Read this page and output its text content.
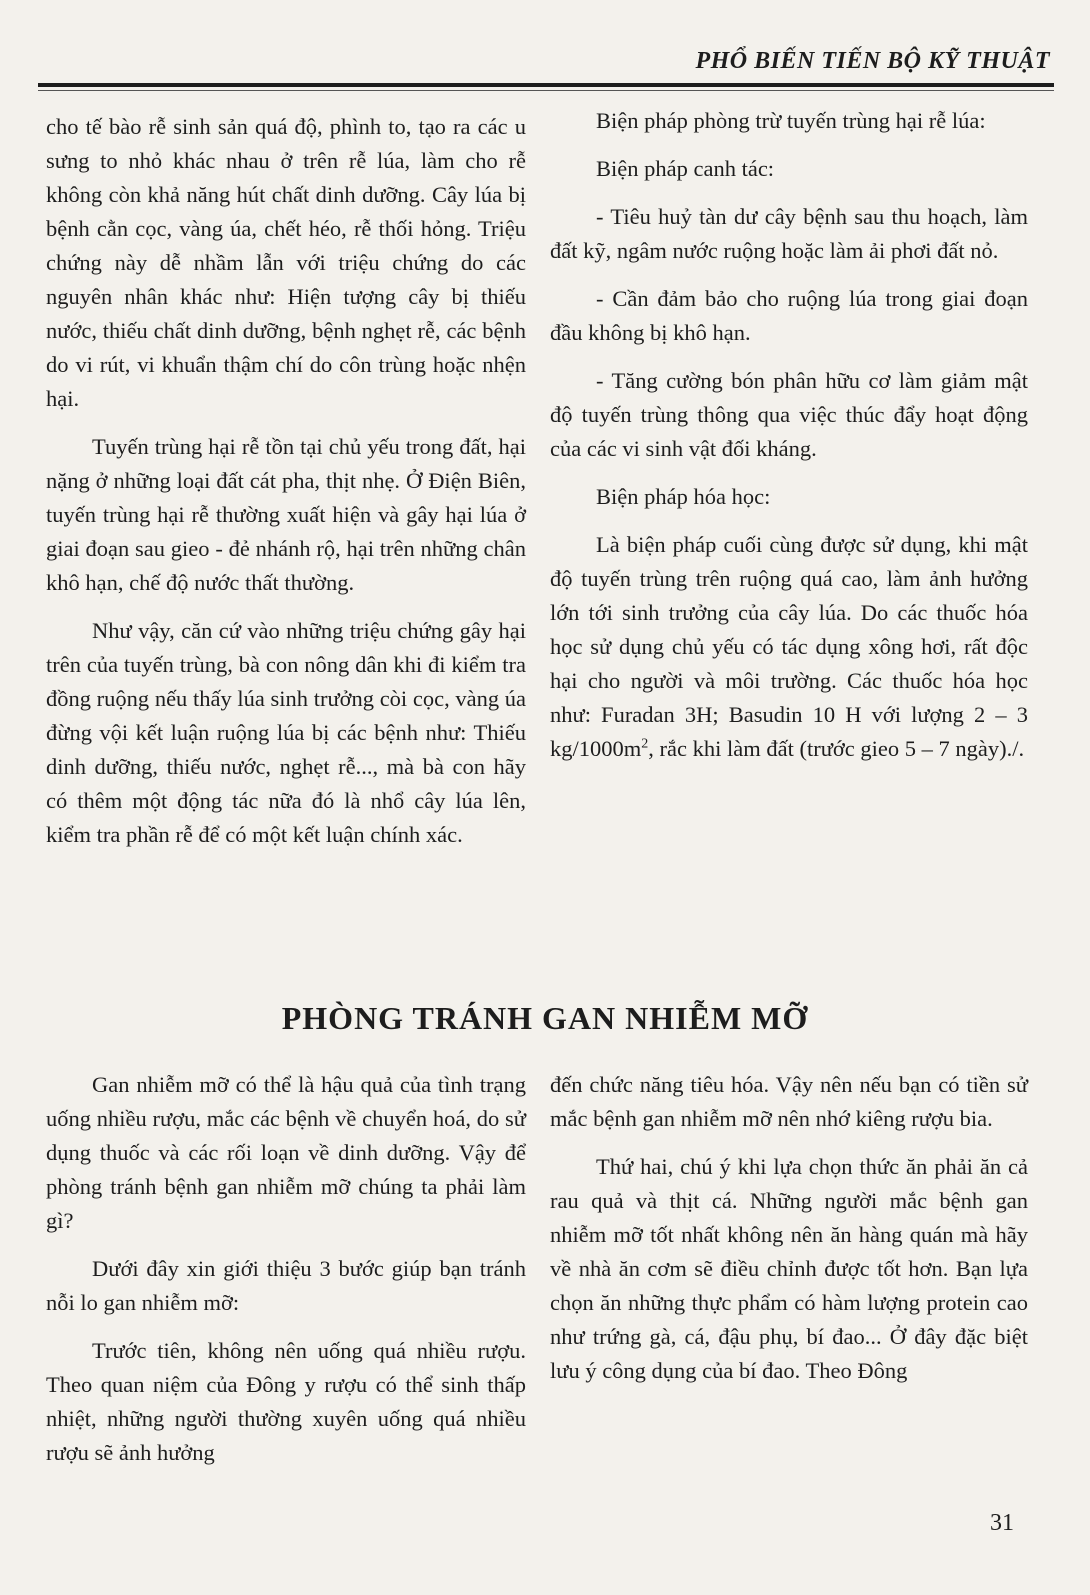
PHỔ BIẾN TIẾN BỘ KỸ THUẬT

cho tế bào rễ sinh sản quá độ, phình to, tạo ra các u sưng to nhỏ khác nhau ở trên rễ lúa, làm cho rễ không còn khả năng hút chất dinh dưỡng. Cây lúa bị bệnh cằn cọc, vàng úa, chết héo, rễ thối hỏng. Triệu chứng này dễ nhầm lẫn với triệu chứng do các nguyên nhân khác như: Hiện tượng cây bị thiếu nước, thiếu chất dinh dưỡng, bệnh nghẹt rễ, các bệnh do vi rút, vi khuẩn thậm chí do côn trùng hoặc nhện hại.

Tuyến trùng hại rễ tồn tại chủ yếu trong đất, hại nặng ở những loại đất cát pha, thịt nhẹ. Ở Điện Biên, tuyến trùng hại rễ thường xuất hiện và gây hại lúa ở giai đoạn sau gieo - đẻ nhánh rộ, hại trên những chân khô hạn, chế độ nước thất thường.

Như vậy, căn cứ vào những triệu chứng gây hại trên của tuyến trùng, bà con nông dân khi đi kiểm tra đồng ruộng nếu thấy lúa sinh trưởng còi cọc, vàng úa đừng vội kết luận ruộng lúa bị các bệnh như: Thiếu dinh dưỡng, thiếu nước, nghẹt rễ..., mà bà con hãy có thêm một động tác nữa đó là nhổ cây lúa lên, kiểm tra phần rễ để có một kết luận chính xác.

Biện pháp phòng trừ tuyến trùng hại rễ lúa:

Biện pháp canh tác:

- Tiêu huỷ tàn dư cây bệnh sau thu hoạch, làm đất kỹ, ngâm nước ruộng hoặc làm ải phơi đất nỏ.

- Cần đảm bảo cho ruộng lúa trong giai đoạn đầu không bị khô hạn.

- Tăng cường bón phân hữu cơ làm giảm mật độ tuyến trùng thông qua việc thúc đẩy hoạt động của các vi sinh vật đối kháng.

Biện pháp hóa học:

Là biện pháp cuối cùng được sử dụng, khi mật độ tuyến trùng trên ruộng quá cao, làm ảnh hưởng lớn tới sinh trưởng của cây lúa. Do các thuốc hóa học sử dụng chủ yếu có tác dụng xông hơi, rất độc hại cho người và môi trường. Các thuốc hóa học như: Furadan 3H; Basudin 10 H với lượng 2 – 3 $kg/1000m^2$, rắc khi làm đất (trước gieo 5 – 7 ngày)./.

PHÒNG TRÁNH GAN NHIỄM MỠ

Gan nhiễm mỡ có thể là hậu quả của tình trạng uống nhiều rượu, mắc các bệnh về chuyển hoá, do sử dụng thuốc và các rối loạn về dinh dưỡng. Vậy để phòng tránh bệnh gan nhiễm mỡ chúng ta phải làm gì?

Dưới đây xin giới thiệu 3 bước giúp bạn tránh nỗi lo gan nhiễm mỡ:

Trước tiên, không nên uống quá nhiều rượu. Theo quan niệm của Đông y rượu có thể sinh thấp nhiệt, những người thường xuyên uống quá nhiều rượu sẽ ảnh hưởng

đến chức năng tiêu hóa. Vậy nên nếu bạn có tiền sử mắc bệnh gan nhiễm mỡ nên nhớ kiêng rượu bia.

Thứ hai, chú ý khi lựa chọn thức ăn phải ăn cả rau quả và thịt cá. Những người mắc bệnh gan nhiễm mỡ tốt nhất không nên ăn hàng quán mà hãy về nhà ăn cơm sẽ điều chỉnh được tốt hơn. Bạn lựa chọn ăn những thực phẩm có hàm lượng protein cao như trứng gà, cá, đậu phụ, bí đao... Ở đây đặc biệt lưu ý công dụng của bí đao. Theo Đông

31
